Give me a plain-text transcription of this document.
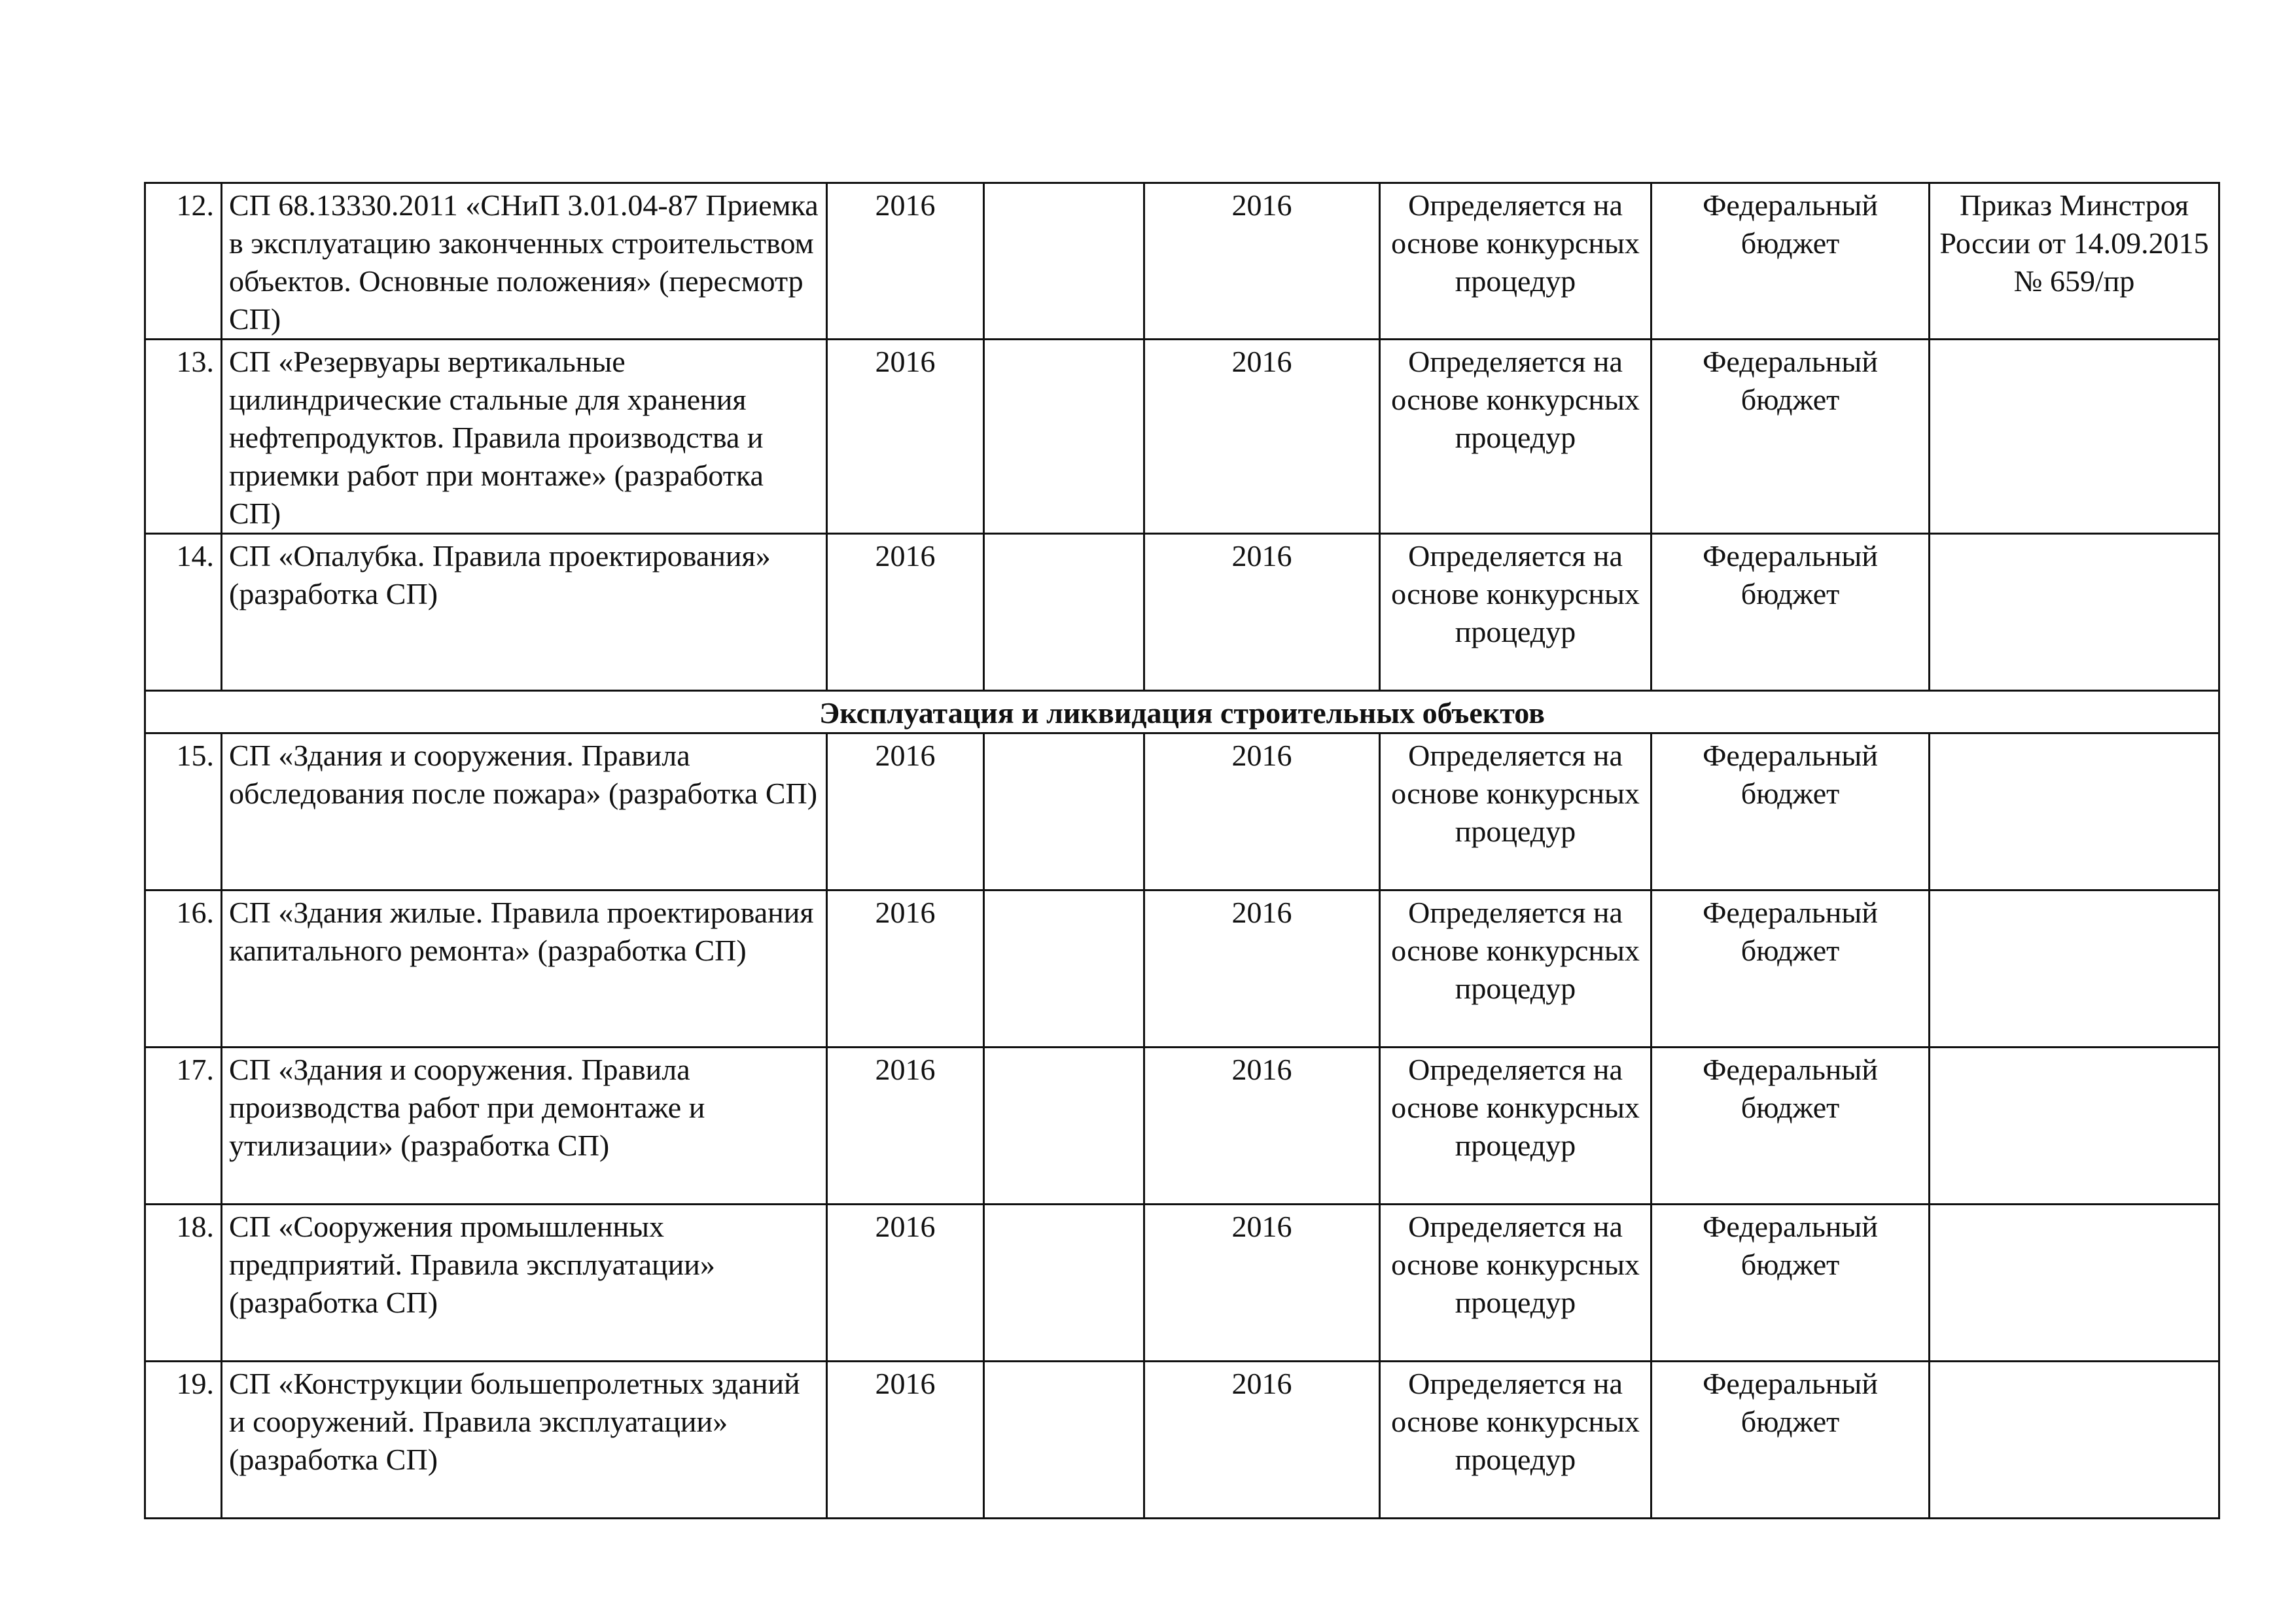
12.	СП 68.13330.2011 «СНиП 3.01.04-87 Приемка в эксплуатацию законченных строительством объектов. Основные положения» (пересмотр СП)	2016		2016	Определяется на основе конкурсных процедур	Федеральный бюджет	Приказ Минстроя России от 14.09.2015 № 659/пр
13.	СП «Резервуары вертикальные цилиндрические стальные для хранения нефтепродуктов. Правила производства и приемки работ при монтаже» (разработка СП)	2016		2016	Определяется на основе конкурсных процедур	Федеральный бюджет	
14.	СП «Опалубка. Правила проектирования» (разработка СП)	2016		2016	Определяется на основе конкурсных процедур	Федеральный бюджет	
Эксплуатация и ликвидация строительных объектов							
15.	СП «Здания и сооружения. Правила обследования после пожара» (разработка СП)	2016		2016	Определяется на основе конкурсных процедур	Федеральный бюджет	
16.	СП «Здания жилые. Правила проектирования капитального ремонта» (разработка СП)	2016		2016	Определяется на основе конкурсных процедур	Федеральный бюджет	
17.	СП «Здания и сооружения. Правила производства работ при демонтаже и утилизации» (разработка СП)	2016		2016	Определяется на основе конкурсных процедур	Федеральный бюджет	
18.	СП «Сооружения промышленных предприятий. Правила эксплуатации» (разработка СП)	2016		2016	Определяется на основе конкурсных процедур	Федеральный бюджет	
19.	СП «Конструкции большепролетных зданий и сооружений. Правила эксплуатации» (разработка СП)	2016		2016	Определяется на основе конкурсных процедур	Федеральный бюджет	
